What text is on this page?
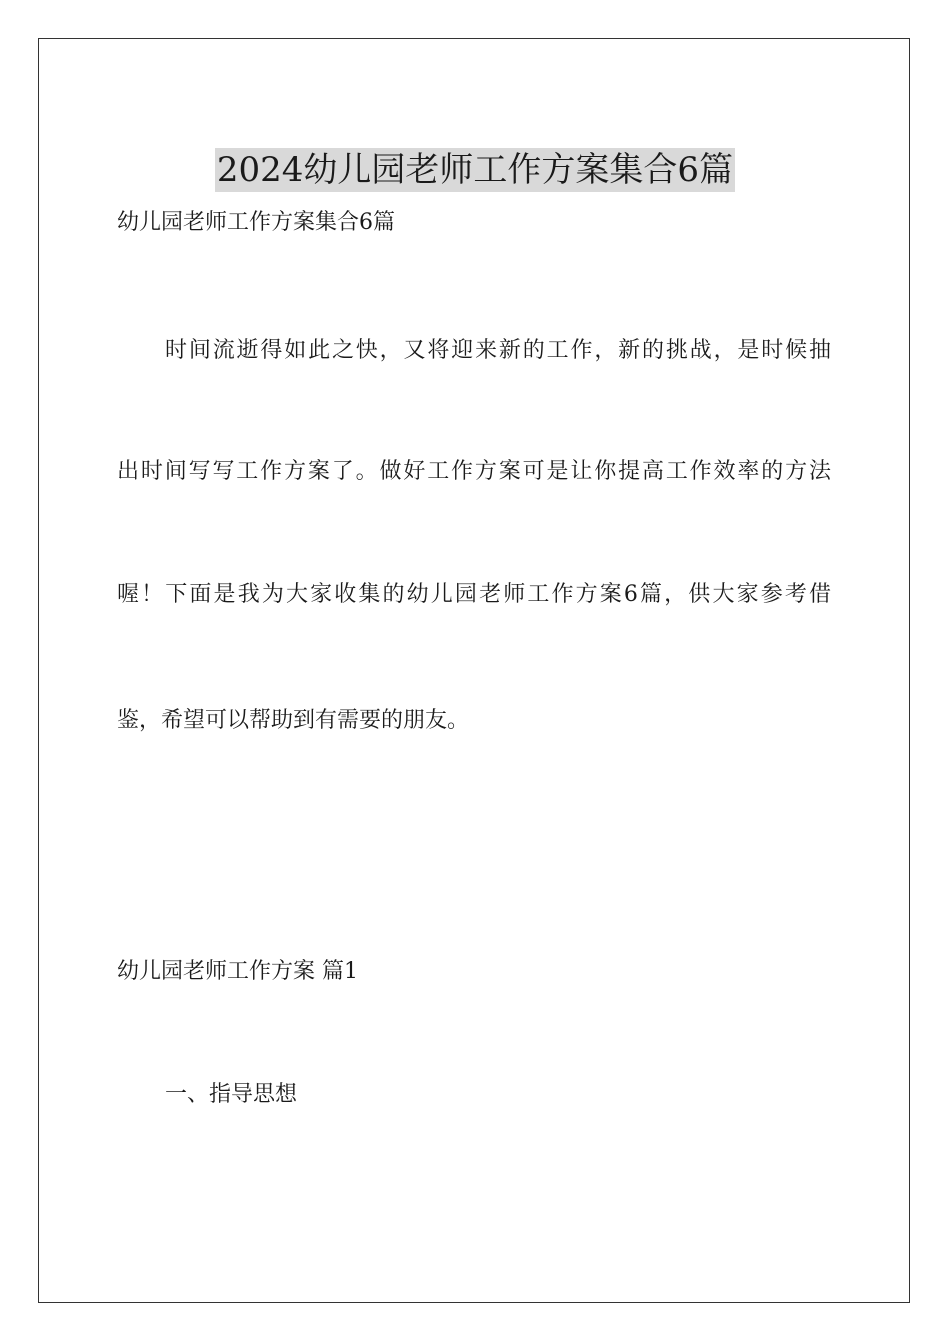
2024幼儿园老师工作方案集合6篇
幼儿园老师工作方案集合6篇
时间流逝得如此之快，又将迎来新的工作，新的挑战，是时候抽
出时间写写工作方案了。做好工作方案可是让你提高工作效率的方法
喔！下面是我为大家收集的幼儿园老师工作方案6篇，供大家参考借
鉴，希望可以帮助到有需要的朋友。
幼儿园老师工作方案 篇1
一、指导思想
